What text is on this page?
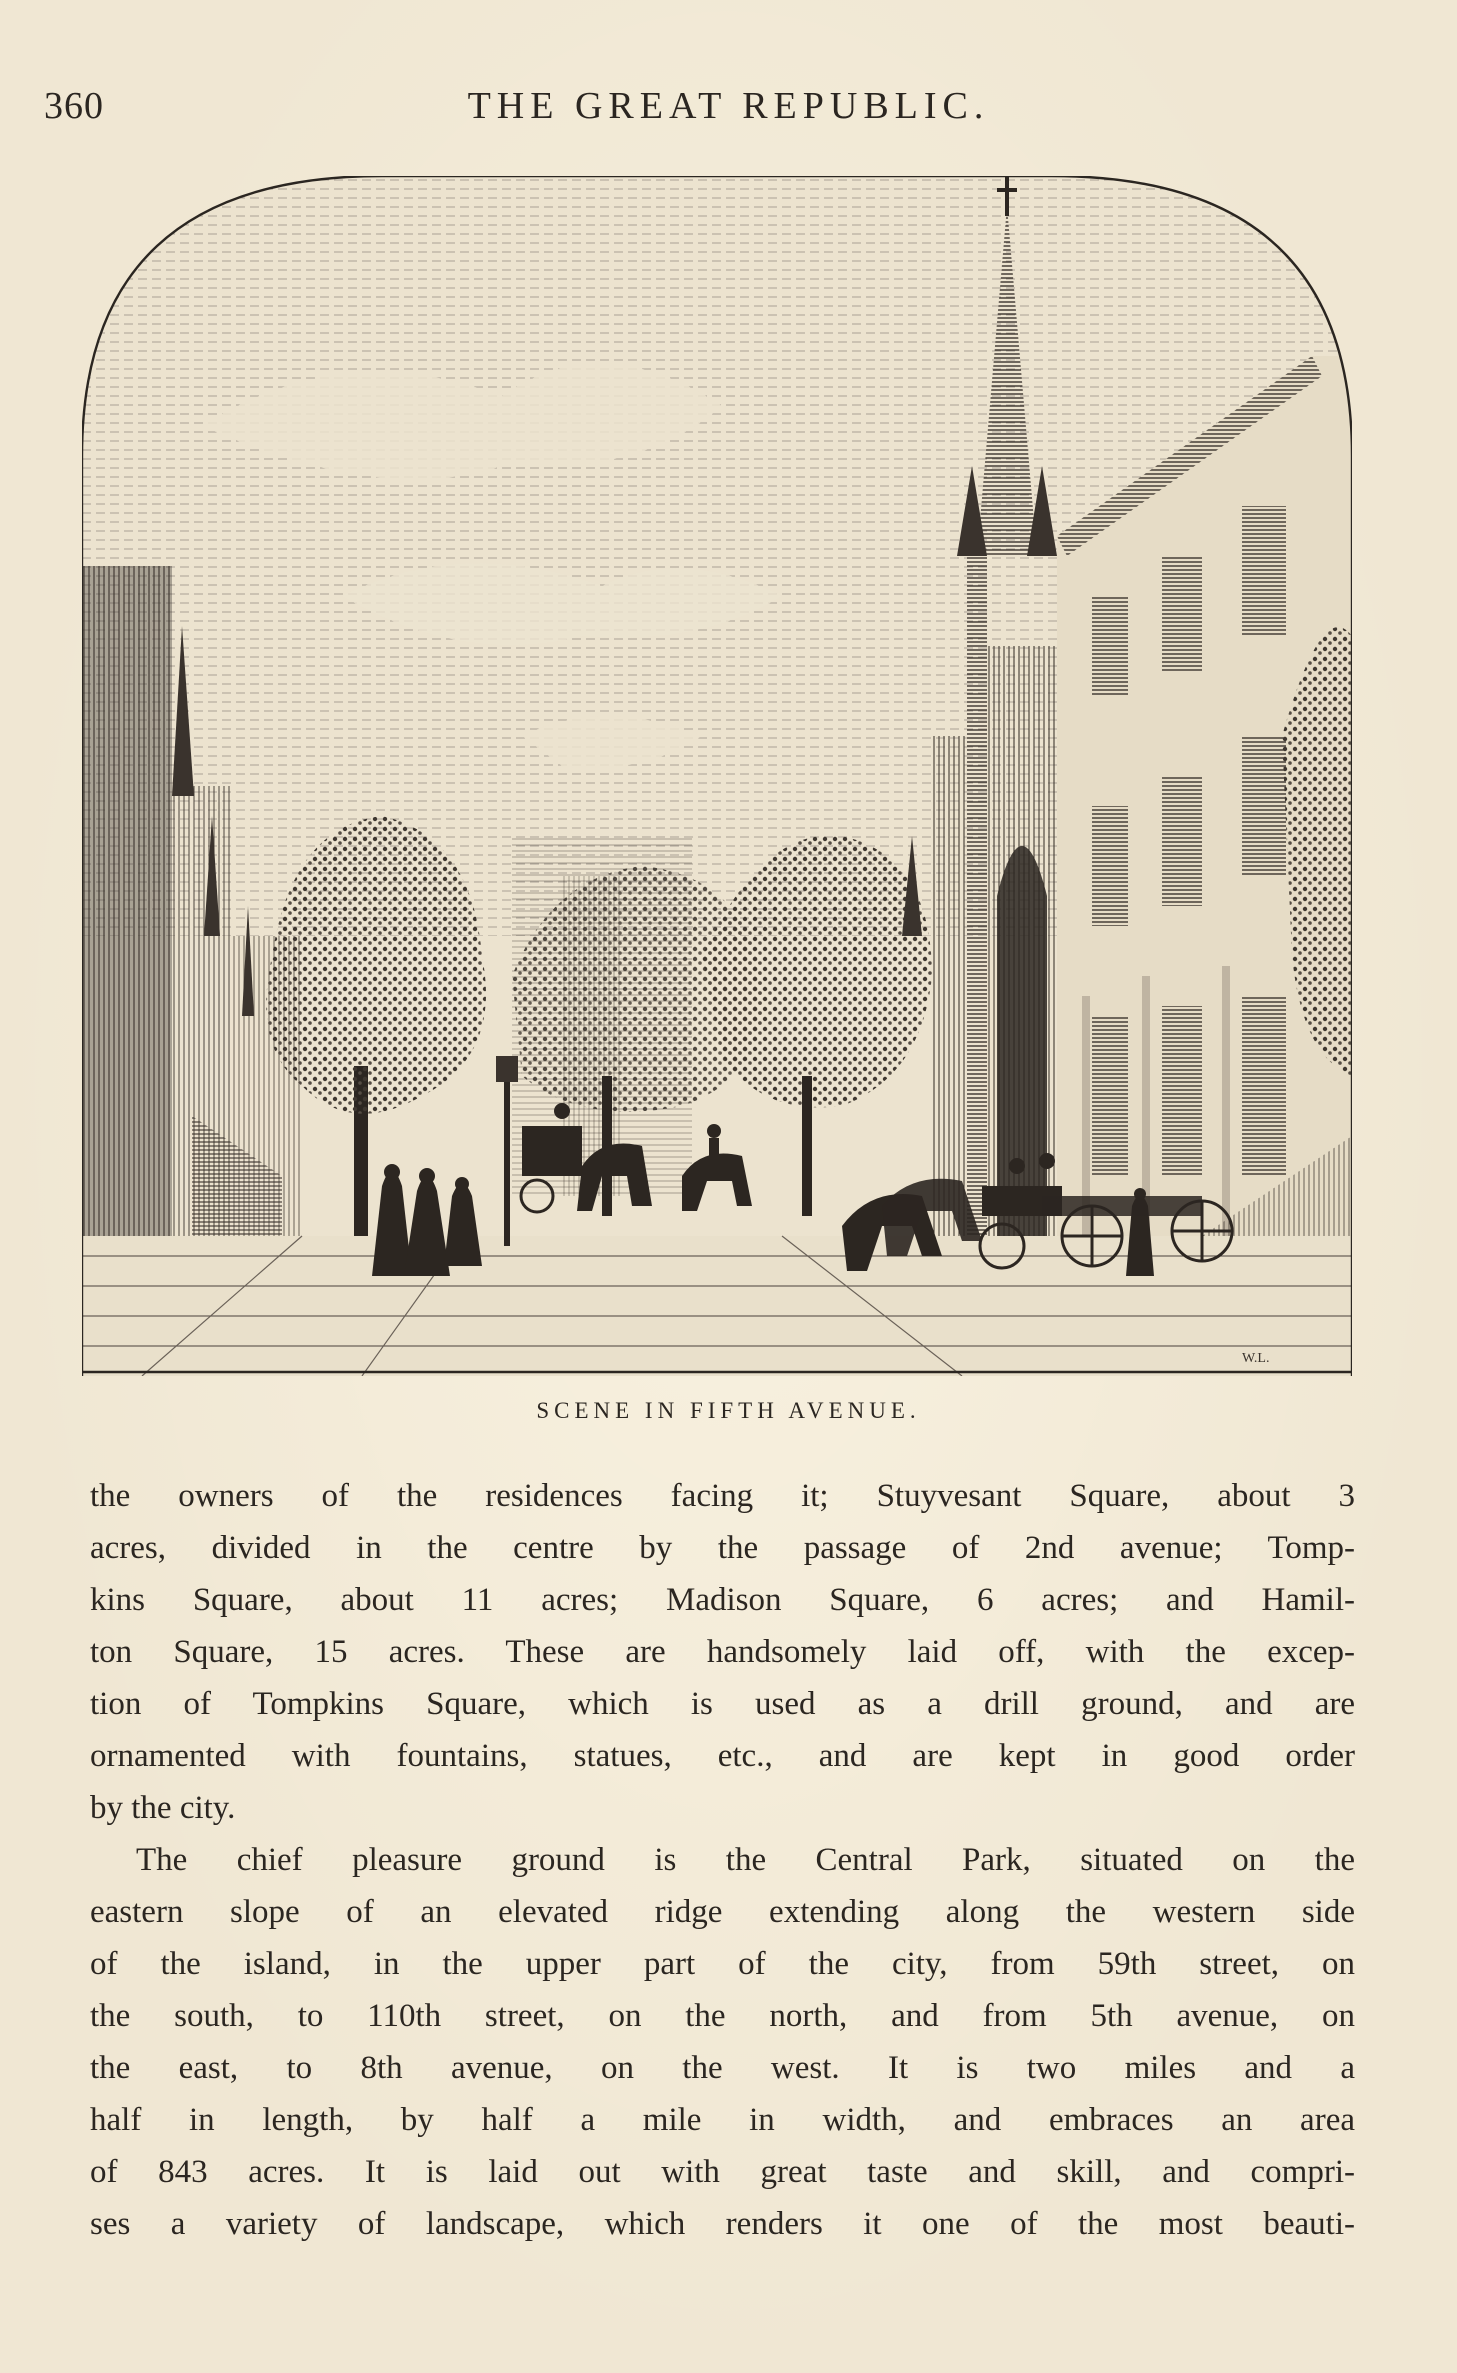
360	THE GREAT REPUBLIC.
W.L.
SCENE IN FIFTH AVENUE.
the owners of the residences facing it; Stuyvesant Square, about 3
acres, divided in the centre by the passage of 2nd avenue; Tomp-
kins Square, about 11 acres; Madison Square, 6 acres; and Hamil-
ton Square, 15 acres. These are handsomely laid off, with the excep-
tion of Tompkins Square, which is used as a drill ground, and are
ornamented with fountains, statues, etc., and are kept in good order
by the city.
The chief pleasure ground is the Central Park, situated on the
eastern slope of an elevated ridge extending along the western side
of the island, in the upper part of the city, from 59th street, on
the south, to 110th street, on the north, and from 5th avenue, on
the east, to 8th avenue, on the west. It is two miles and a
half in length, by half a mile in width, and embraces an area
of 843 acres. It is laid out with great taste and skill, and compri-
ses a variety of landscape, which renders it one of the most beauti-
